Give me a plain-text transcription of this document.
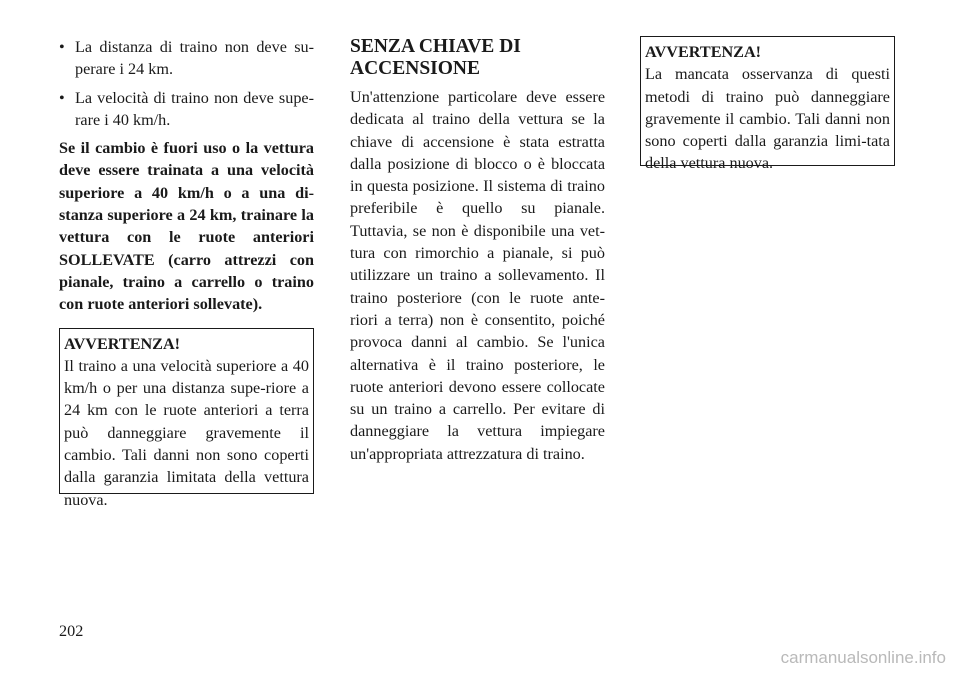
• La distanza di traino non deve su-perare i 24 km.
• La velocità di traino non deve supe-rare i 40 km/h.

Se il cambio è fuori uso o la vettura deve essere trainata a una velocità superiore a 40 km/h o a una di-stanza superiore a 24 km, trainare la vettura con le ruote anteriori SOLLEVATE (carro attrezzi con pianale, traino a carrello o traino con ruote anteriori sollevate).

AVVERTENZA!

Il traino a una velocità superiore a 40 km/h o per una distanza supe-riore a 24 km con le ruote anteriori a terra può danneggiare gravemente il cambio. Tali danni non sono coperti dalla garanzia limitata della vettura nuova.

SENZA CHIAVE DI ACCENSIONE

Un'attenzione particolare deve essere dedicata al traino della vettura se la chiave di accensione è stata estratta dalla posizione di blocco o è bloccata in questa posizione. Il sistema di traino preferibile è quello su pianale. Tuttavia, se non è disponibile una vet-tura con rimorchio a pianale, si può utilizzare un traino a sollevamento. Il traino posteriore (con le ruote ante-riori a terra) non è consentito, poiché provoca danni al cambio. Se l'unica alternativa è il traino posteriore, le ruote anteriori devono essere collocate su un traino a carrello. Per evitare di danneggiare la vettura impiegare un'appropriata attrezzatura di traino.

AVVERTENZA!

La mancata osservanza di questi metodi di traino può danneggiare gravemente il cambio. Tali danni non sono coperti dalla garanzia limi-tata della vettura nuova.

202
carmanualsonline.info
